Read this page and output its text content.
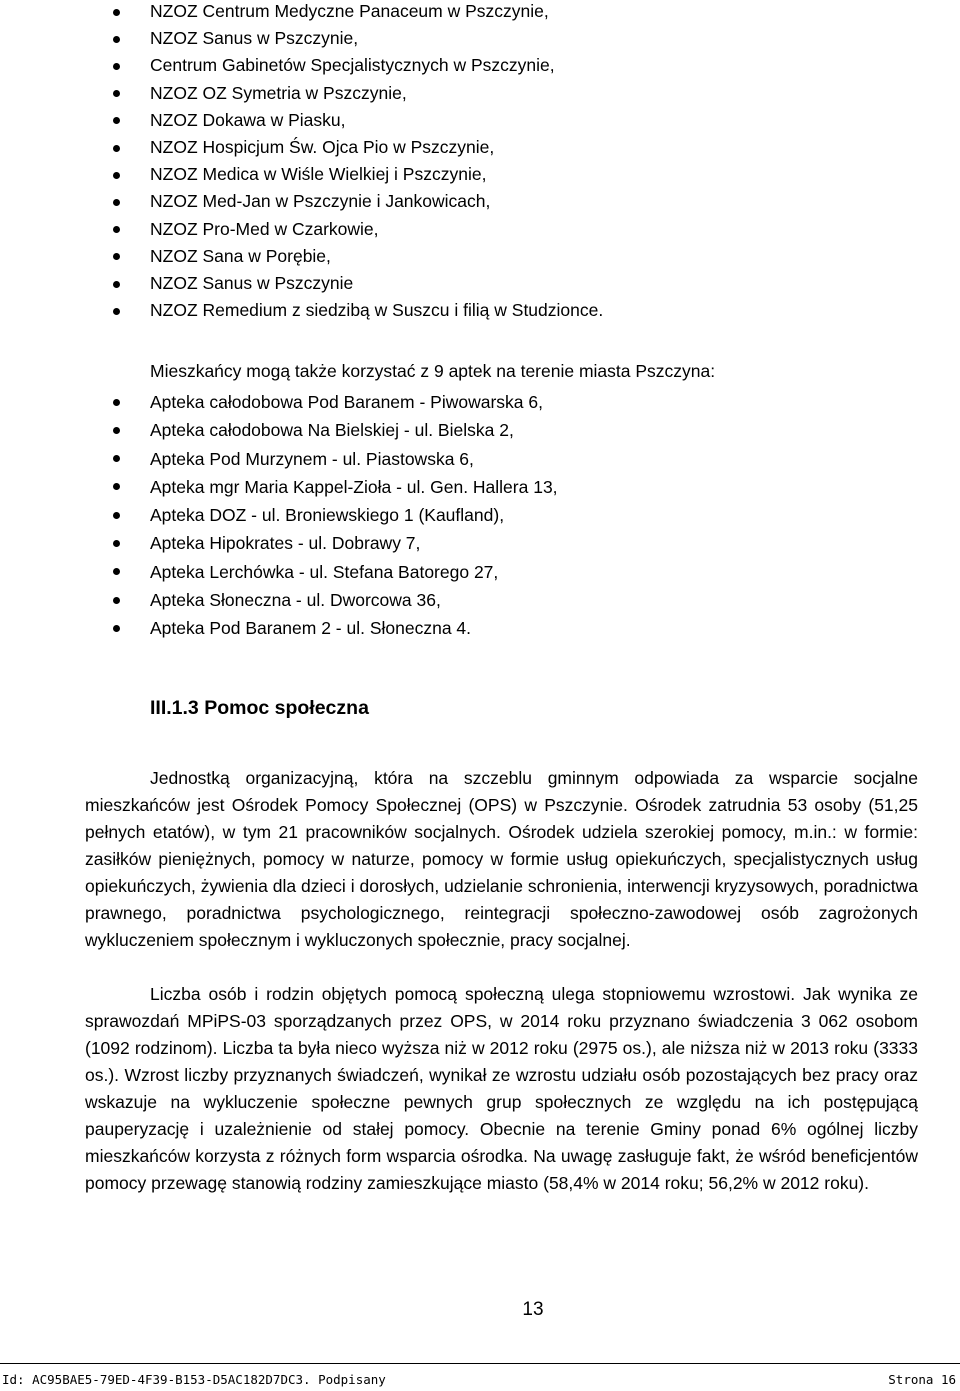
NZOZ Centrum Medyczne Panaceum w Pszczynie,
NZOZ Sanus w Pszczynie,
Centrum Gabinetów Specjalistycznych w Pszczynie,
NZOZ OZ Symetria w Pszczynie,
NZOZ Dokawa w Piasku,
NZOZ Hospicjum Św. Ojca Pio w Pszczynie,
NZOZ Medica w Wiśle Wielkiej i Pszczynie,
NZOZ Med-Jan w Pszczynie i Jankowicach,
NZOZ Pro-Med w Czarkowie,
NZOZ Sana w Porębie,
NZOZ Sanus w Pszczynie
NZOZ Remedium z siedzibą w Suszcu i filią w Studzionce.
Mieszkańcy mogą także korzystać z 9 aptek na terenie miasta Pszczyna:
Apteka całodobowa Pod Baranem - Piwowarska 6,
Apteka całodobowa Na Bielskiej - ul. Bielska 2,
Apteka Pod Murzynem - ul. Piastowska 6,
Apteka mgr Maria Kappel-Zioła - ul. Gen. Hallera 13,
Apteka DOZ - ul. Broniewskiego 1 (Kaufland),
Apteka Hipokrates - ul. Dobrawy 7,
Apteka Lerchówka - ul. Stefana Batorego 27,
Apteka Słoneczna - ul. Dworcowa 36,
Apteka Pod Baranem 2 - ul. Słoneczna 4.
III.1.3 Pomoc społeczna

Jednostką organizacyjną, która na szczeblu gminnym odpowiada za wsparcie socjalne mieszkańców jest Ośrodek Pomocy Społecznej (OPS) w Pszczynie. Ośrodek zatrudnia 53 osoby (51,25 pełnych etatów), w tym 21 pracowników socjalnych. Ośrodek udziela szerokiej pomocy, m.in.: w formie: zasiłków pieniężnych, pomocy w naturze, pomocy w formie usług opiekuńczych, specjalistycznych usług opiekuńczych, żywienia dla dzieci i dorosłych, udzielanie schronienia, interwencji kryzysowych, poradnictwa prawnego, poradnictwa psychologicznego, reintegracji społeczno-zawodowej osób zagrożonych wykluczeniem społecznym i wykluczonych społecznie, pracy socjalnej.

Liczba osób i rodzin objętych pomocą społeczną ulega stopniowemu wzrostowi. Jak wynika ze sprawozdań MPiPS-03 sporządzanych przez OPS, w 2014 roku przyznano świadczenia 3 062 osobom (1092 rodzinom). Liczba ta była nieco wyższa niż w 2012 roku (2975 os.), ale niższa niż w 2013 roku (3333 os.). Wzrost liczby przyznanych świadczeń, wynikał ze wzrostu udziału osób pozostających bez pracy oraz wskazuje na wykluczenie społeczne pewnych grup społecznych ze względu na ich postępującą pauperyzację i uzależnienie od stałej pomocy. Obecnie na terenie Gminy ponad 6% ogólnej liczby mieszkańców korzysta z różnych form wsparcia ośrodka. Na uwagę zasługuje fakt, że wśród beneficjentów pomocy przewagę stanowią rodziny zamieszkujące miasto (58,4% w 2014 roku; 56,2% w 2012 roku).

13
Id: AC95BAE5-79ED-4F39-B153-D5AC182D7DC3. Podpisany	Strona 16
